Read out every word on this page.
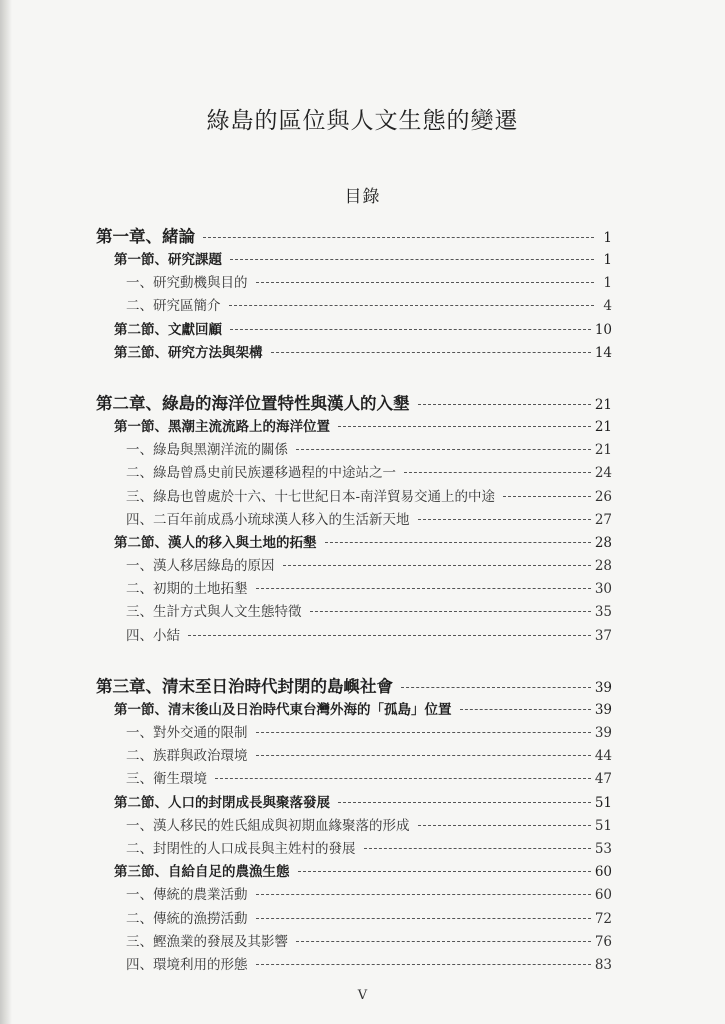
綠島的區位與人文生態的變遷
目錄
第一章、緒論	1
第一節、研究課題	1
一、研究動機與目的	1
二、研究區簡介	4
第二節、文獻回顧	10
第三節、研究方法與架構	14
第二章、綠島的海洋位置特性與漢人的入墾	21
第一節、黑潮主流流路上的海洋位置	21
一、綠島與黑潮洋流的關係	21
二、綠島曾爲史前民族遷移過程的中途站之一	24
三、綠島也曾處於十六、十七世紀日本-南洋貿易交通上的中途	26
四、二百年前成爲小琉球漢人移入的生活新天地	27
第二節、漢人的移入與土地的拓墾	28
一、漢人移居綠島的原因	28
二、初期的土地拓墾	30
三、生計方式與人文生態特徵	35
四、小結	37
第三章、清末至日治時代封閉的島嶼社會	39
第一節、清末後山及日治時代東台灣外海的「孤島」位置	39
一、對外交通的限制	39
二、族群與政治環境	44
三、衛生環境	47
第二節、人口的封閉成長與聚落發展	51
一、漢人移民的姓氏組成與初期血緣聚落的形成	51
二、封閉性的人口成長與主姓村的發展	53
第三節、自給自足的農漁生態	60
一、傳統的農業活動	60
二、傳統的漁撈活動	72
三、鰹漁業的發展及其影響	76
四、環境利用的形態	83
V
